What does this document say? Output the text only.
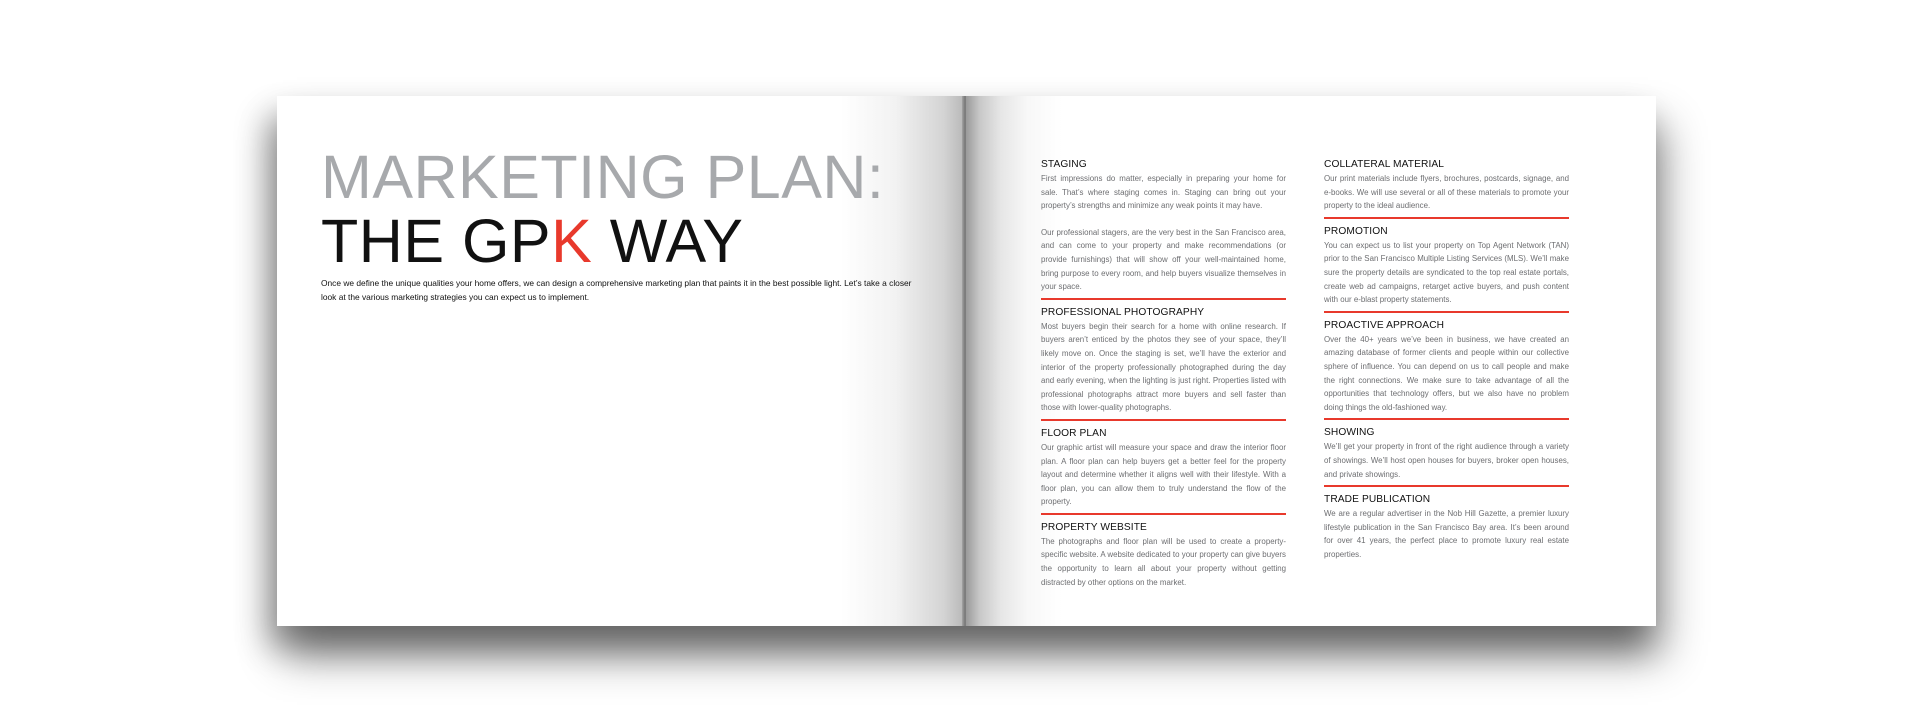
MARKETING PLAN:
THE GPK WAY

Once we define the unique qualities your home offers, we can design a comprehensive marketing plan that paints it in the best possible light. Let’s take a closer look at the various marketing strategies you can expect us to implement.

STAGING

First impressions do matter, especially in preparing your home for sale. That’s where staging comes in. Staging can bring out your property’s strengths and minimize any weak points it may have.

Our professional stagers, are the very best in the San Francisco area, and can come to your property and make recommendations (or provide furnishings) that will show off your well-maintained home, bring purpose to every room, and help buyers visualize themselves in your space.

PROFESSIONAL PHOTOGRAPHY

Most buyers begin their search for a home with online research. If buyers aren’t enticed by the photos they see of your space, they’ll likely move on. Once the staging is set, we’ll have the exterior and interior of the property professionally photographed during the day and early evening, when the lighting is just right. Properties listed with professional photographs attract more buyers and sell faster than those with lower-quality photographs.

FLOOR PLAN

Our graphic artist will measure your space and draw the interior floor plan. A floor plan can help buyers get a better feel for the property layout and determine whether it aligns well with their lifestyle. With a floor plan, you can allow them to truly understand the flow of the property.

PROPERTY WEBSITE

The photographs and floor plan will be used to create a property-specific website. A website dedicated to your property can give buyers the opportunity to learn all about your property without getting distracted by other options on the market.

COLLATERAL MATERIAL

Our print materials include flyers, brochures, postcards, signage, and e-books. We will use several or all of these materials to promote your property to the ideal audience.

PROMOTION

You can expect us to list your property on Top Agent Network (TAN) prior to the San Francisco Multiple Listing Services (MLS). We’ll make sure the property details are syndicated to the top real estate portals, create web ad campaigns, retarget active buyers, and push content with our e-blast property statements.

PROACTIVE APPROACH

Over the 40+ years we’ve been in business, we have created an amazing database of former clients and people within our collective sphere of influence. You can depend on us to call people and make the right connections. We make sure to take advantage of all the opportunities that technology offers, but we also have no problem doing things the old-fashioned way.

SHOWING

We’ll get your property in front of the right audience through a variety of showings. We’ll host open houses for buyers, broker open houses, and private showings.

TRADE PUBLICATION

We are a regular advertiser in the Nob Hill Gazette, a premier luxury lifestyle publication in the San Francisco Bay area. It’s been around for over 41 years, the perfect place to promote luxury real estate properties.
